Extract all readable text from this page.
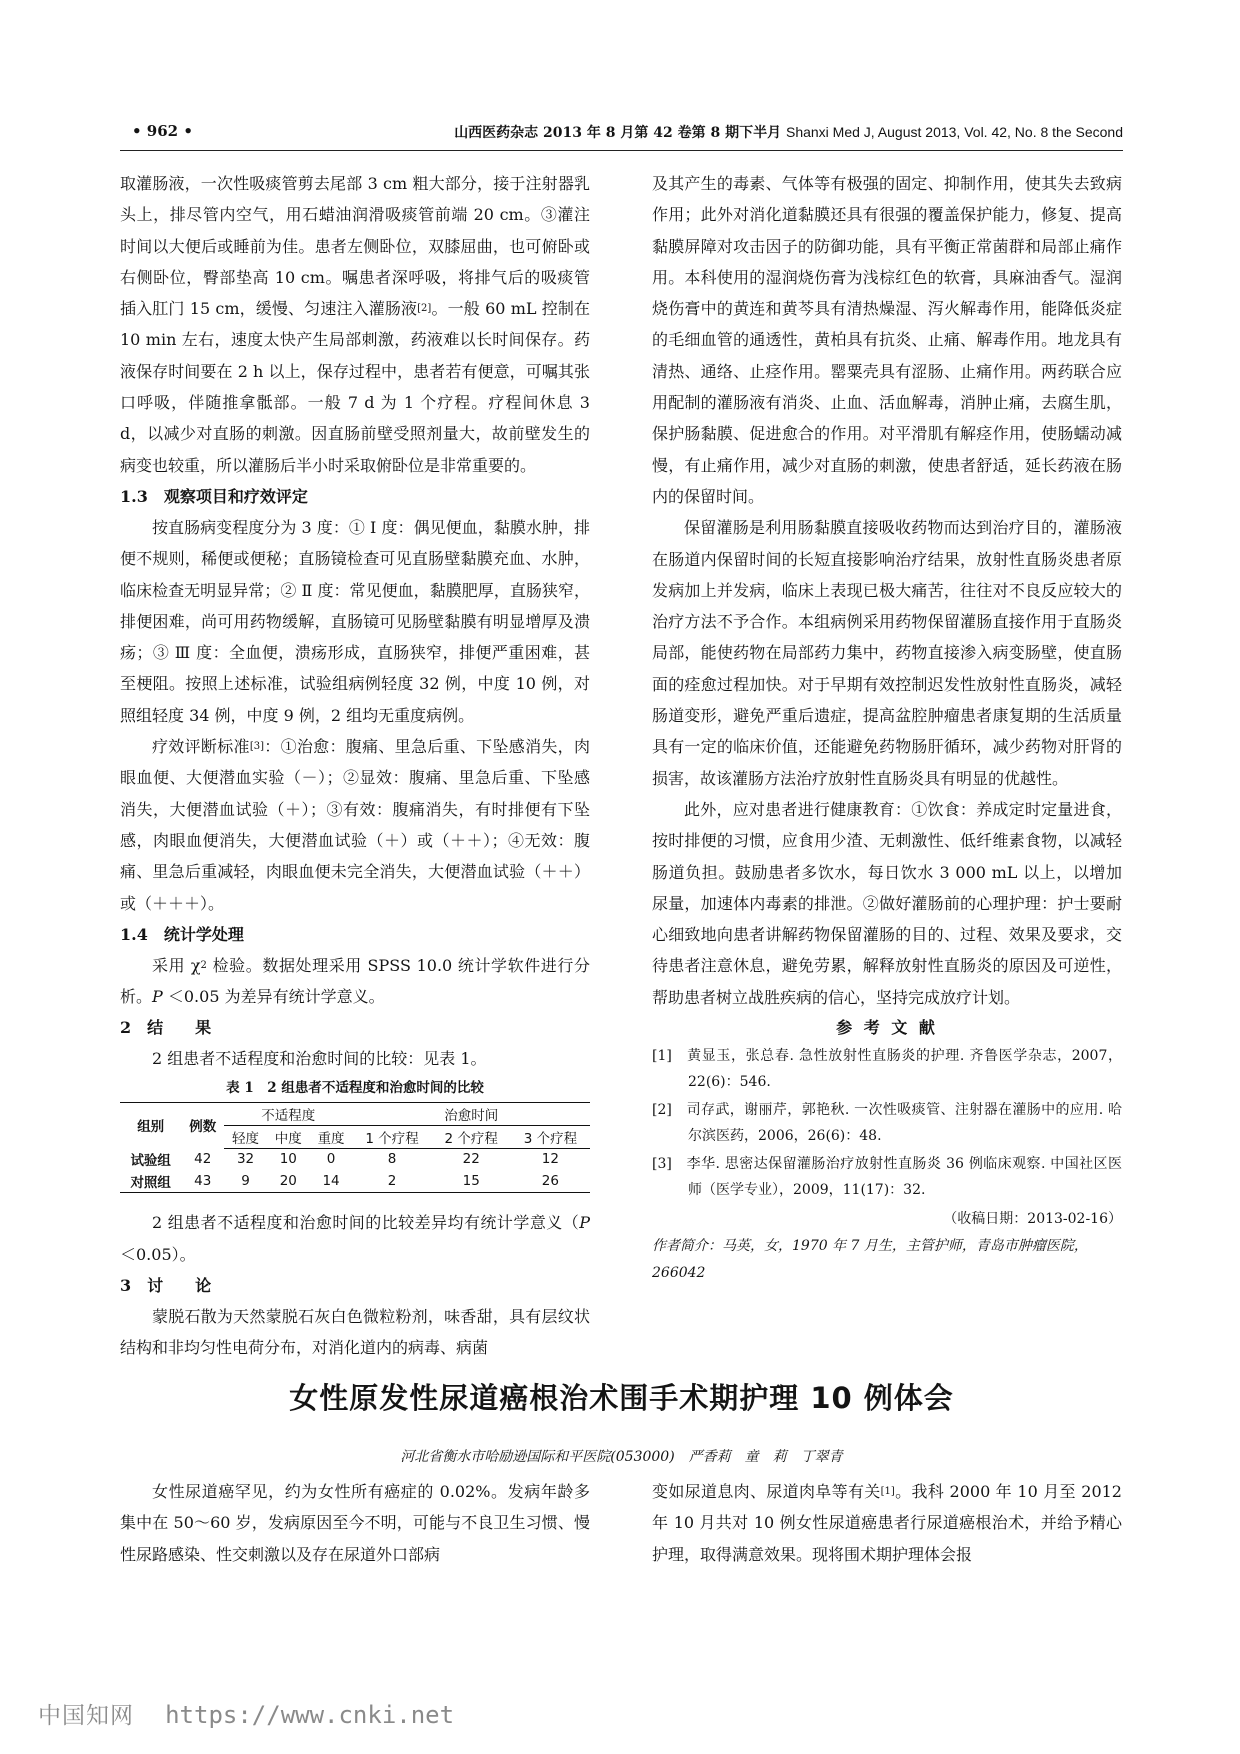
• 962 •	山西医药杂志 2013 年 8 月第 42 卷第 8 期下半月 Shanxi Med J, August 2013, Vol. 42, No. 8 the Second

取灌肠液，一次性吸痰管剪去尾部 3 cm 粗大部分，接于注射器乳头上，排尽管内空气，用石蜡油润滑吸痰管前端 20 cm。③灌注时间以大便后或睡前为佳。患者左侧卧位，双膝屈曲，也可俯卧或右侧卧位，臀部垫高 10 cm。嘱患者深呼吸，将排气后的吸痰管插入肛门 15 cm，缓慢、匀速注入灌肠液[2]。一般 60 mL 控制在 10 min 左右，速度太快产生局部刺激，药液难以长时间保存。药液保存时间要在 2 h 以上，保存过程中，患者若有便意，可嘱其张口呼吸，伴随推拿骶部。一般 7 d 为 1 个疗程。疗程间休息 3 d，以减少对直肠的刺激。因直肠前壁受照剂量大，故前壁发生的病变也较重，所以灌肠后半小时采取俯卧位是非常重要的。

1.3　观察项目和疗效评定

按直肠病变程度分为 3 度：① Ⅰ 度：偶见便血，黏膜水肿，排便不规则，稀便或便秘；直肠镜检查可见直肠壁黏膜充血、水肿，临床检查无明显异常；② Ⅱ 度：常见便血，黏膜肥厚，直肠狭窄，排便困难，尚可用药物缓解，直肠镜可见肠壁黏膜有明显增厚及溃疡；③ Ⅲ 度：全血便，溃疡形成，直肠狭窄，排便严重困难，甚至梗阻。按照上述标准，试验组病例轻度 32 例，中度 10 例，对照组轻度 34 例，中度 9 例，2 组均无重度病例。

疗效评断标准[3]：①治愈：腹痛、里急后重、下坠感消失，肉眼血便、大便潜血实验（－）；②显效：腹痛、里急后重、下坠感消失，大便潜血试验（＋）；③有效：腹痛消失，有时排便有下坠感，肉眼血便消失，大便潜血试验（＋）或（＋＋）；④无效：腹痛、里急后重减轻，肉眼血便未完全消失，大便潜血试验（＋＋）或（＋＋＋）。

1.4　统计学处理

采用 $\chi^2$ 检验。数据处理采用 SPSS 10.0 统计学软件进行分析。P ＜0.05 为差异有统计学意义。

2　结　　果

2 组患者不适程度和治愈时间的比较：见表 1。

表 1　2 组患者不适程度和治愈时间的比较
组别	例数	不适程度			治愈时间		
		轻度	中度	重度	1 个疗程	2 个疗程	3 个疗程
试验组	42	32	10	0	8	22	12
对照组	43	9	20	14	2	15	26

2 组患者不适程度和治愈时间的比较差异均有统计学意义（P ＜0.05）。

3　讨　　论

蒙脱石散为天然蒙脱石灰白色微粒粉剂，味香甜，具有层纹状结构和非均匀性电荷分布，对消化道内的病毒、病菌

及其产生的毒素、气体等有极强的固定、抑制作用，使其失去致病作用；此外对消化道黏膜还具有很强的覆盖保护能力，修复、提高黏膜屏障对攻击因子的防御功能，具有平衡正常菌群和局部止痛作用。本科使用的湿润烧伤膏为浅棕红色的软膏，具麻油香气。湿润烧伤膏中的黄连和黄芩具有清热燥湿、泻火解毒作用，能降低炎症的毛细血管的通透性，黄柏具有抗炎、止痛、解毒作用。地龙具有清热、通络、止痉作用。罂粟壳具有涩肠、止痛作用。两药联合应用配制的灌肠液有消炎、止血、活血解毒，消肿止痛，去腐生肌，保护肠黏膜、促进愈合的作用。对平滑肌有解痉作用，使肠蠕动减慢，有止痛作用，减少对直肠的刺激，使患者舒适，延长药液在肠内的保留时间。

保留灌肠是利用肠黏膜直接吸收药物而达到治疗目的，灌肠液在肠道内保留时间的长短直接影响治疗结果，放射性直肠炎患者原发病加上并发病，临床上表现已极大痛苦，往往对不良反应较大的治疗方法不予合作。本组病例采用药物保留灌肠直接作用于直肠炎局部，能使药物在局部药力集中，药物直接渗入病变肠壁，使直肠面的痊愈过程加快。对于早期有效控制迟发性放射性直肠炎，减轻肠道变形，避免严重后遗症，提高盆腔肿瘤患者康复期的生活质量具有一定的临床价值，还能避免药物肠肝循环，减少药物对肝肾的损害，故该灌肠方法治疗放射性直肠炎具有明显的优越性。

此外，应对患者进行健康教育：①饮食：养成定时定量进食，按时排便的习惯，应食用少渣、无刺激性、低纤维素食物，以减轻肠道负担。鼓励患者多饮水，每日饮水 3 000 mL 以上，以增加尿量，加速体内毒素的排泄。②做好灌肠前的心理护理：护士要耐心细致地向患者讲解药物保留灌肠的目的、过程、效果及要求，交待患者注意休息，避免劳累，解释放射性直肠炎的原因及可逆性，帮助患者树立战胜疾病的信心，坚持完成放疗计划。

参 考 文 献
[1]　黄显玉，张总春. 急性放射性直肠炎的护理. 齐鲁医学杂志，2007，22(6)：546.
[2]　司存武，谢丽芹，郭艳秋. 一次性吸痰管、注射器在灌肠中的应用. 哈尔滨医药，2006，26(6)：48.
[3]　李华. 思密达保留灌肠治疗放射性直肠炎 36 例临床观察. 中国社区医师（医学专业），2009，11(17)：32.
（收稿日期：2013-02-16）
作者简介：马英，女，1970 年 7 月生，主管护师，青岛市肿瘤医院，266042
女性原发性尿道癌根治术围手术期护理 10 例体会
河北省衡水市哈励逊国际和平医院(053000)　严香莉　童　莉　丁翠青

女性尿道癌罕见，约为女性所有癌症的 0.02%。发病年龄多集中在 50～60 岁，发病原因至今不明，可能与不良卫生习惯、慢性尿路感染、性交刺激以及存在尿道外口部病

变如尿道息肉、尿道肉阜等有关[1]。我科 2000 年 10 月至 2012 年 10 月共对 10 例女性尿道癌患者行尿道癌根治术，并给予精心护理，取得满意效果。现将围术期护理体会报

中国知网 https://www.cnki.net
